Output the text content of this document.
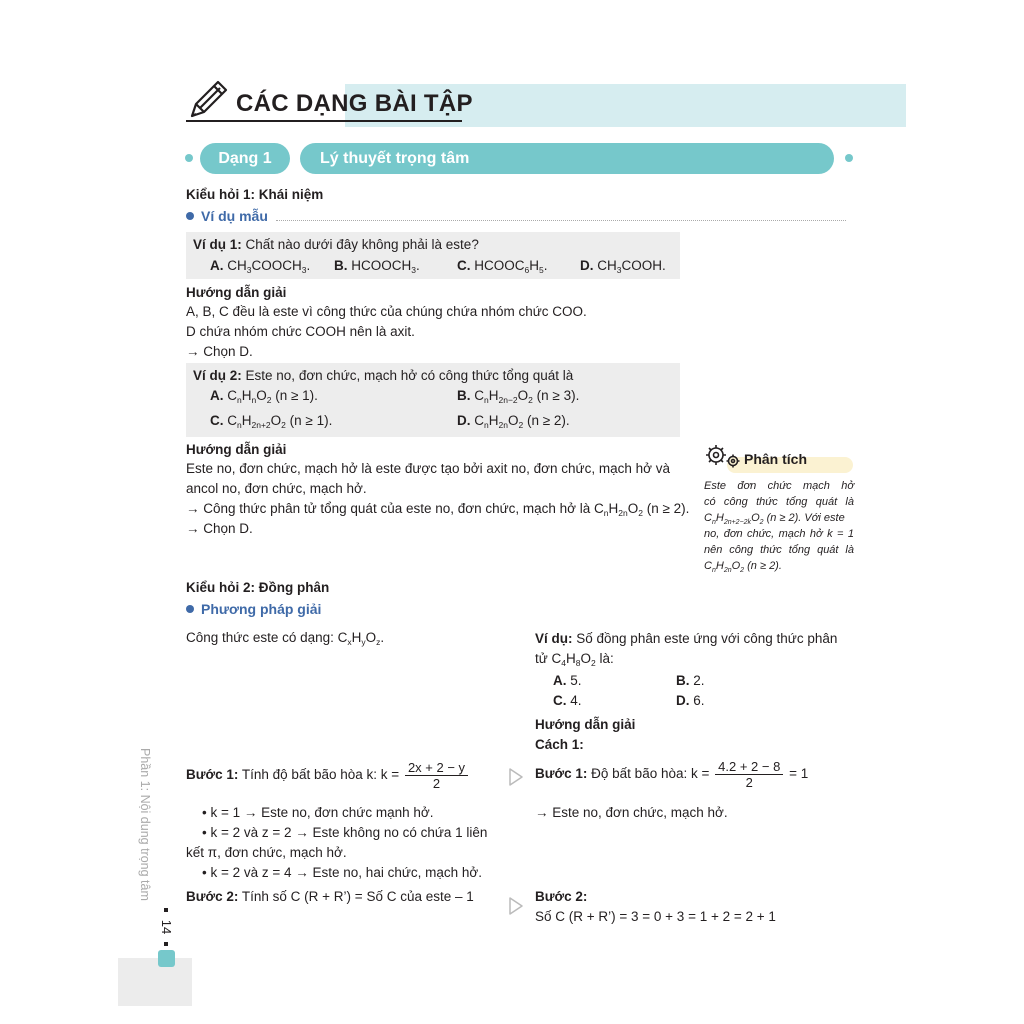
CÁC DẠNG BÀI TẬP
Dạng 1	Lý thuyết trọng tâm
Kiểu hỏi 1: Khái niệm
Ví dụ mẫu
Ví dụ 1: Chất nào dưới đây không phải là este?
A. $CH_3COOCH_3$. B. $HCOOCH_3$.	C. $HCOOC_6H_5$. D. $CH_3COOH$.
Hướng dẫn giải
A, B, C đều là este vì công thức của chúng chứa nhóm chức COO.
D chứa nhóm chức COOH nên là axit.
→ Chọn D.
Ví dụ 2: Este no, đơn chức, mạch hở có công thức tổng quát là
A. $C_nH_nO_2$ (n ≥ 1).	B. $C_nH_{2n-2}O_2$ (n ≥ 3).
C. $C_nH_{2n+2}O_2$ (n ≥ 1).	D. $C_nH_{2n}O_2$ (n ≥ 2).
Hướng dẫn giải
Este no, đơn chức, mạch hở là este được tạo bởi axit no, đơn chức, mạch hở và
ancol no, đơn chức, mạch hở.
→ Công thức phân tử tổng quát của este no, đơn chức, mạch hở là $C_nH_{2n}O_2$ (n ≥ 2).
→ Chọn D.
Phân tích
Este đơn chức mạch hở
có công thức tổng quát là
$C_nH_{2n+2-2k}O_2$ (n ≥ 2). Với este
no, đơn chức, mạch hở k = 1
nên công thức tổng quát là
$C_nH_{2n}O_2$ (n ≥ 2).
Kiểu hỏi 2: Đồng phân
Phương pháp giải
Công thức este có dạng: $C_xH_yO_z$.
Bước 1: Tính độ bất bão hòa k: $k = \frac{2x + 2 - y}{2}$
• k = 1 → Este no, đơn chức mạnh hở.
• k = 2 và z = 2 → Este không no có chứa 1 liên
kết π, đơn chức, mạch hở.
• k = 2 và z = 4 → Este no, hai chức, mạch hở.
Bước 2: Tính số C (R + R’) = Số C của este – 1
Ví dụ: Số đồng phân este ứng với công thức phân
tử $C_4H_8O_2$ là:
A. 5.	B. 2.
C. 4.	D. 6.
Hướng dẫn giải
Cách 1:
Bước 1: Độ bất bão hòa: $k = \frac{4.2 + 2 - 8}{2} = 1$
→ Este no, đơn chức, mạch hở.
Bước 2:
Số C (R + R’) = 3 = 0 + 3 = 1 + 2 = 2 + 1
Phần 1: Nội dung trọng tâm
14
